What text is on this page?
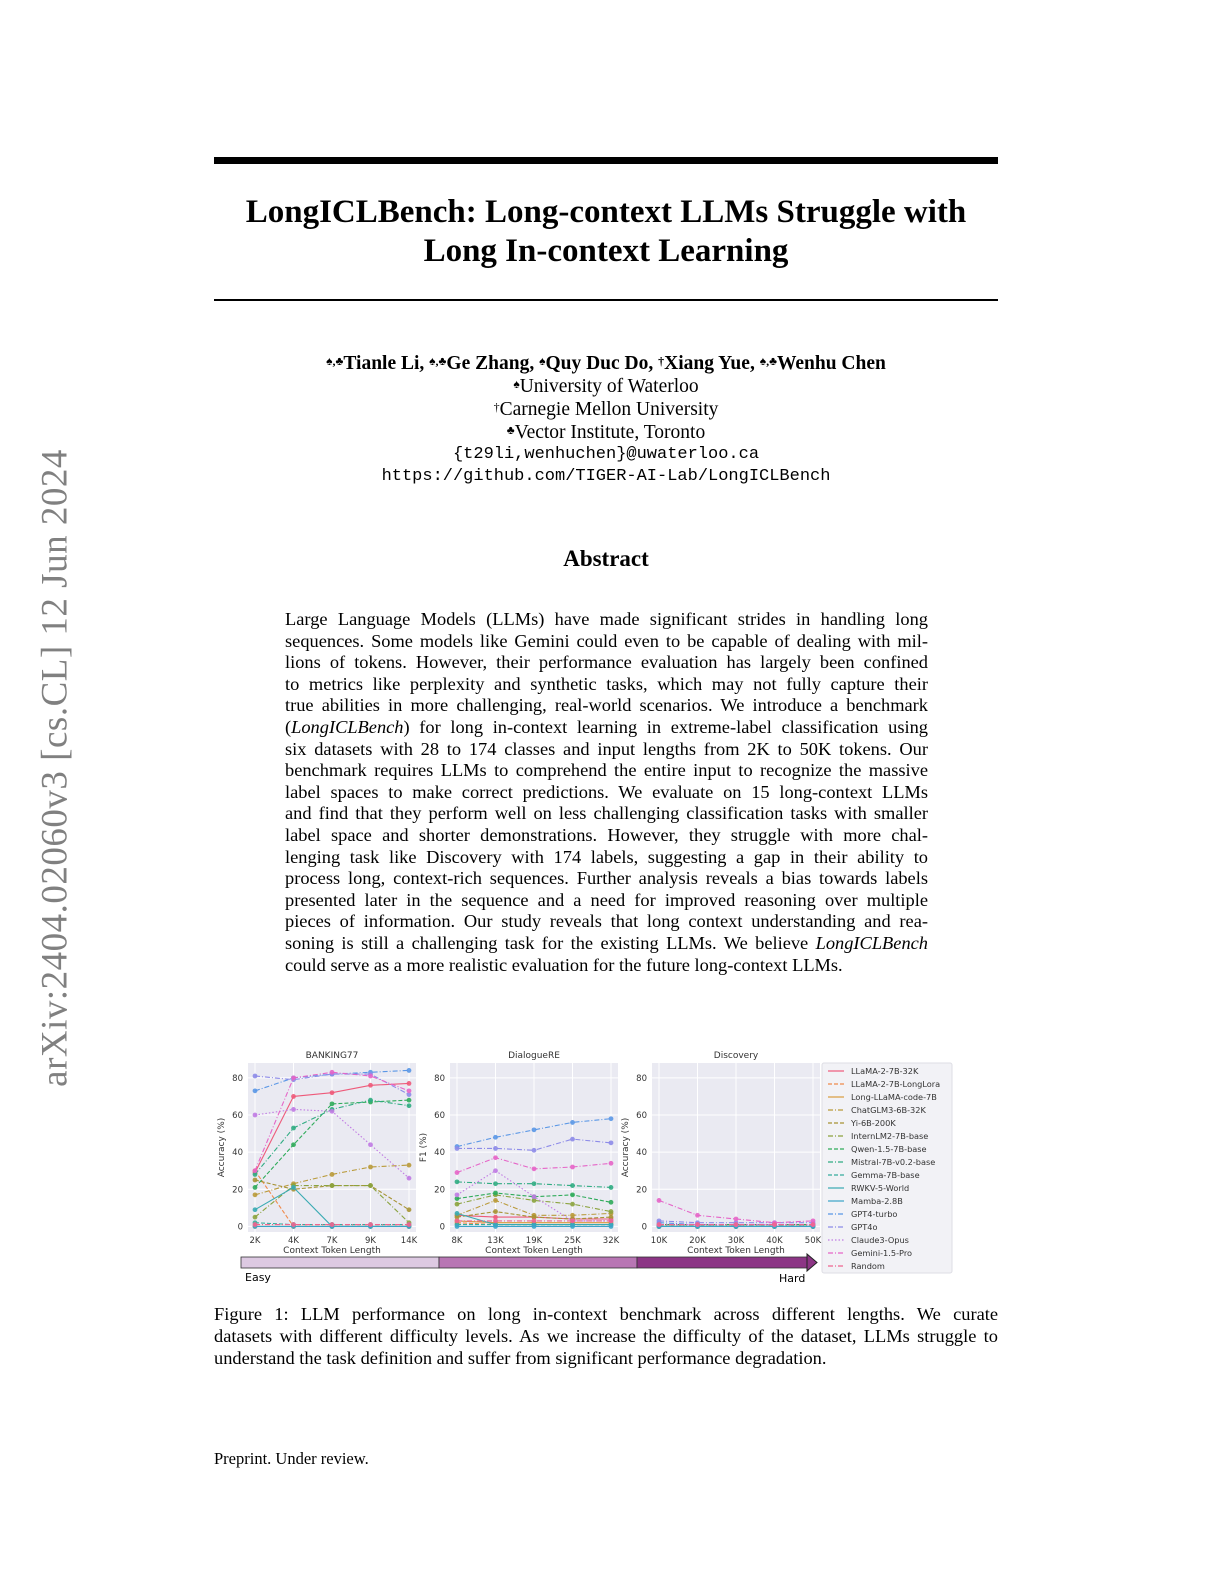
arXiv:2404.02060v3 [cs.CL] 12 Jun 2024
LongICLBench: Long-context LLMs Struggle with
Long In-context Learning
♠,♣Tianle Li, ♠,♣Ge Zhang, ♠Quy Duc Do, †Xiang Yue, ♠,♣Wenhu Chen
♠University of Waterloo
†Carnegie Mellon University
♣Vector Institute, Toronto
{t29li,wenhuchen}@uwaterloo.ca
https://github.com/TIGER-AI-Lab/LongICLBench
Abstract
Large Language Models (LLMs) have made significant strides in handling long
sequences. Some models like Gemini could even to be capable of dealing with mil-
lions of tokens. However, their performance evaluation has largely been confined
to metrics like perplexity and synthetic tasks, which may not fully capture their
true abilities in more challenging, real-world scenarios. We introduce a benchmark
(LongICLBench) for long in-context learning in extreme-label classification using
six datasets with 28 to 174 classes and input lengths from 2K to 50K tokens. Our
benchmark requires LLMs to comprehend the entire input to recognize the massive
label spaces to make correct predictions. We evaluate on 15 long-context LLMs
and find that they perform well on less challenging classification tasks with smaller
label space and shorter demonstrations. However, they struggle with more chal-
lenging task like Discovery with 174 labels, suggesting a gap in their ability to
process long, context-rich sequences. Further analysis reveals a bias towards labels
presented later in the sequence and a need for improved reasoning over multiple
pieces of information. Our study reveals that long context understanding and rea-
soning is still a challenging task for the existing LLMs. We believe LongICLBench
could serve as a more realistic evaluation for the future long-context LLMs.
0
20
40
60
80
2K	4K	7K	9K	14K
BANKING77
Context Token Length
Accuracy (%)
0
20
40
60
80
8K	13K	19K	25K	32K
DialogueRE
Context Token Length
F1 (%)
0
20
40
60
80
10K	20K	30K	40K	50K
Discovery
Context Token Length
Accuracy (%)
LLaMA-2-7B-32K
LLaMA-2-7B-LongLora
Long-LLaMA-code-7B
ChatGLM3-6B-32K
Yi-6B-200K
InternLM2-7B-base
Qwen-1.5-7B-base
Mistral-7B-v0.2-base
Gemma-7B-base
RWKV-5-World
Mamba-2.8B
GPT4-turbo
GPT4o
Claude3-Opus
Gemini-1.5-Pro
Random
Easy	Hard
Figure 1: LLM performance on long in-context benchmark across different lengths. We curate
datasets with different difficulty levels. As we increase the difficulty of the dataset, LLMs struggle to
understand the task definition and suffer from significant performance degradation.
Preprint. Under review.
